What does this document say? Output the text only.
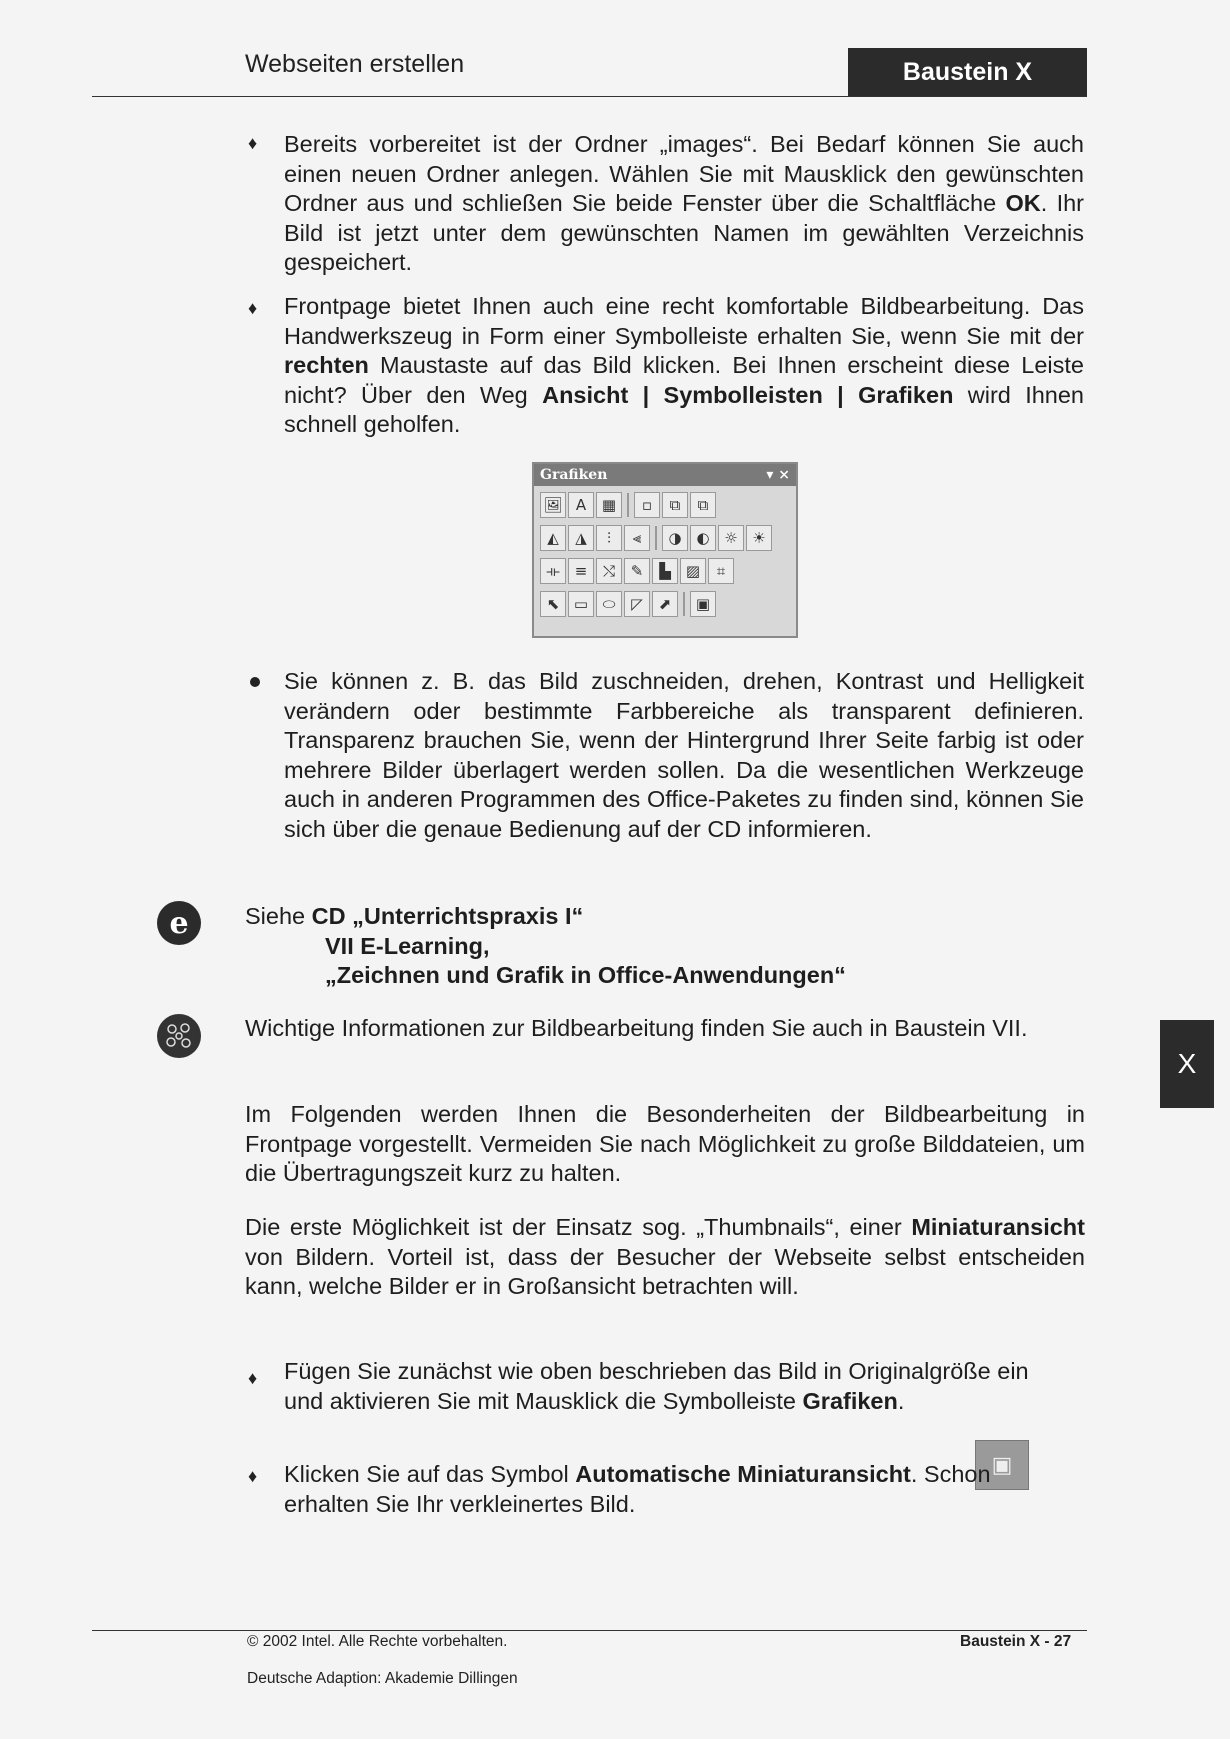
Webseiten erstellen	Baustein X
X
♦ Bereits vorbereitet ist der Ordner „images“. Bei Bedarf können Sie auch einen neuen Ordner anlegen. Wählen Sie mit Mausklick den gewünschten Ordner aus und schließen Sie beide Fenster über die Schaltfläche OK. Ihr Bild ist jetzt unter dem gewünschten Namen im gewählten Verzeichnis gespeichert.
♦ Frontpage bietet Ihnen auch eine recht komfortable Bildbearbeitung. Das Handwerkszeug in Form einer Symbolleiste erhalten Sie, wenn Sie mit der rechten Maustaste auf das Bild klicken. Bei Ihnen erscheint diese Leiste nicht? Über den Weg Ansicht | Symbolleisten | Grafiken wird Ihnen schnell geholfen.
Grafiken	▾ ×
🖼 A	▦	▫	⧉	⧉
◭	◮	⫶	⫷	◑ ◐ ☼ ☀
⟛ ≡	⤭	✎	▙	▨	⌗
⬉ ▭ ⬭	◸	⬈	▣
Sie können z. B. das Bild zuschneiden, drehen, Kontrast und Helligkeit verändern oder bestimmte Farbbereiche als transparent definieren. Transparenz brauchen Sie, wenn der Hintergrund Ihrer Seite farbig ist oder mehrere Bilder überlagert werden sollen. Da die wesentlichen Werkzeuge auch in anderen Programmen des Office-Paketes zu finden sind, können Sie sich über die genaue Bedienung auf der CD informieren.
e	Siehe CD „Unterrichtspraxis I“
VII E-Learning,
„Zeichnen und Grafik in Office-Anwendungen“
Wichtige Informationen zur Bildbearbeitung finden Sie auch in Baustein VII.
Im Folgenden werden Ihnen die Besonderheiten der Bildbearbeitung in Frontpage vorgestellt. Vermeiden Sie nach Möglichkeit zu große Bilddateien, um die Übertragungszeit kurz zu halten.
Die erste Möglichkeit ist der Einsatz sog. „Thumbnails“, einer Miniaturansicht von Bildern. Vorteil ist, dass der Besucher der Webseite selbst entscheiden kann, welche Bilder er in Großansicht betrachten will.
♦ Fügen Sie zunächst wie oben beschrieben das Bild in Originalgröße ein und aktivieren Sie mit Mausklick die Symbolleiste Grafiken.
▣
♦ Klicken Sie auf das Symbol Automatische Miniaturansicht. Schon erhalten Sie Ihr verkleinertes Bild.
© 2002 Intel. Alle Rechte vorbehalten.	Baustein X - 27
Deutsche Adaption: Akademie Dillingen
